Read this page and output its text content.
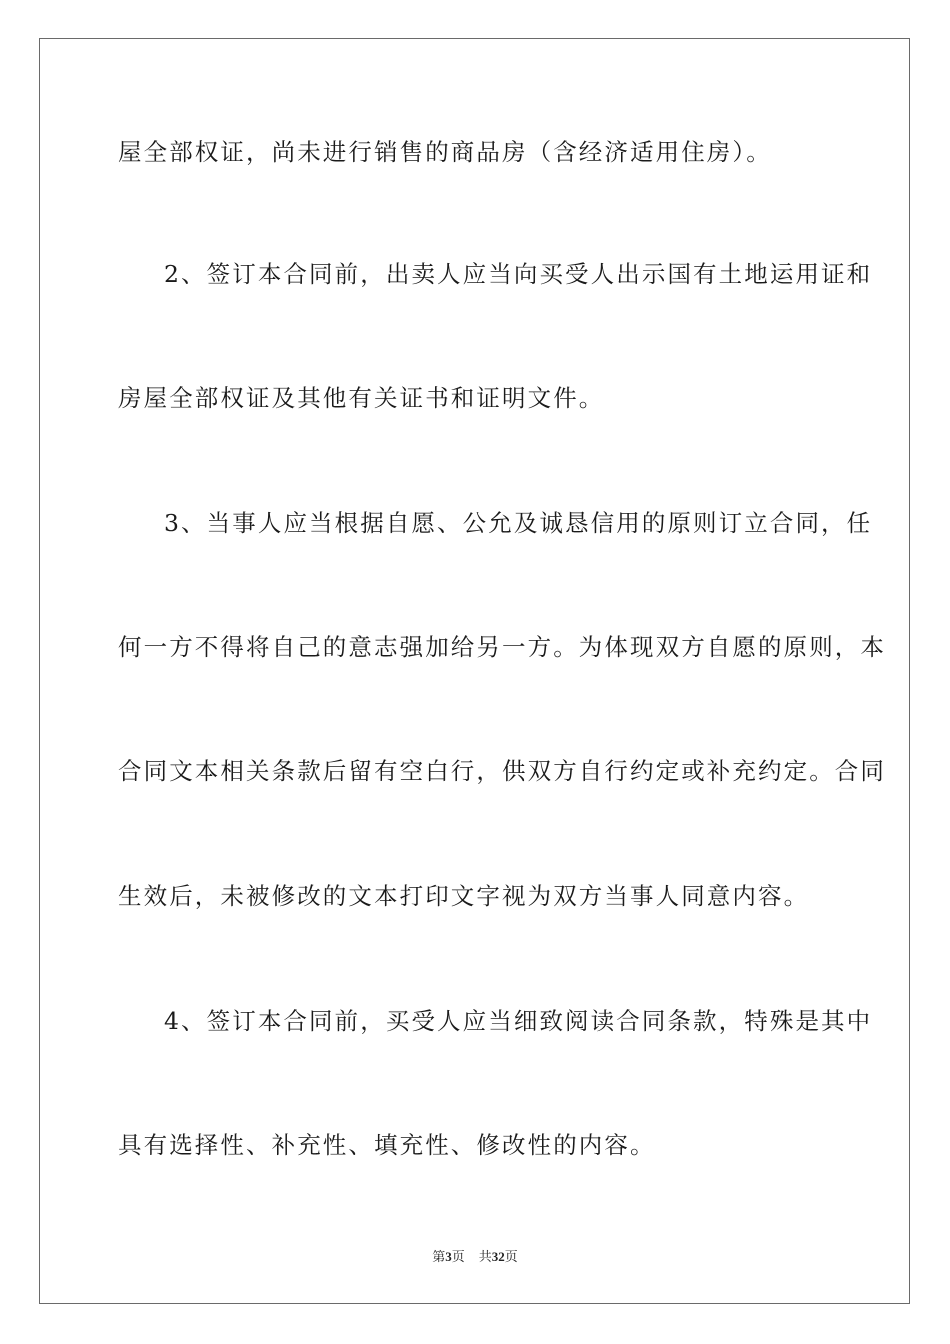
屋全部权证，尚未进行销售的商品房（含经济适用住房）。
2、签订本合同前，出卖人应当向买受人出示国有土地运用证和
房屋全部权证及其他有关证书和证明文件。
3、当事人应当根据自愿、公允及诚恳信用的原则订立合同，任
何一方不得将自己的意志强加给另一方。为体现双方自愿的原则，本
合同文本相关条款后留有空白行，供双方自行约定或补充约定。合同
生效后，未被修改的文本打印文字视为双方当事人同意内容。
4、签订本合同前，买受人应当细致阅读合同条款，特殊是其中
具有选择性、补充性、填充性、修改性的内容。
第3页 共32页
